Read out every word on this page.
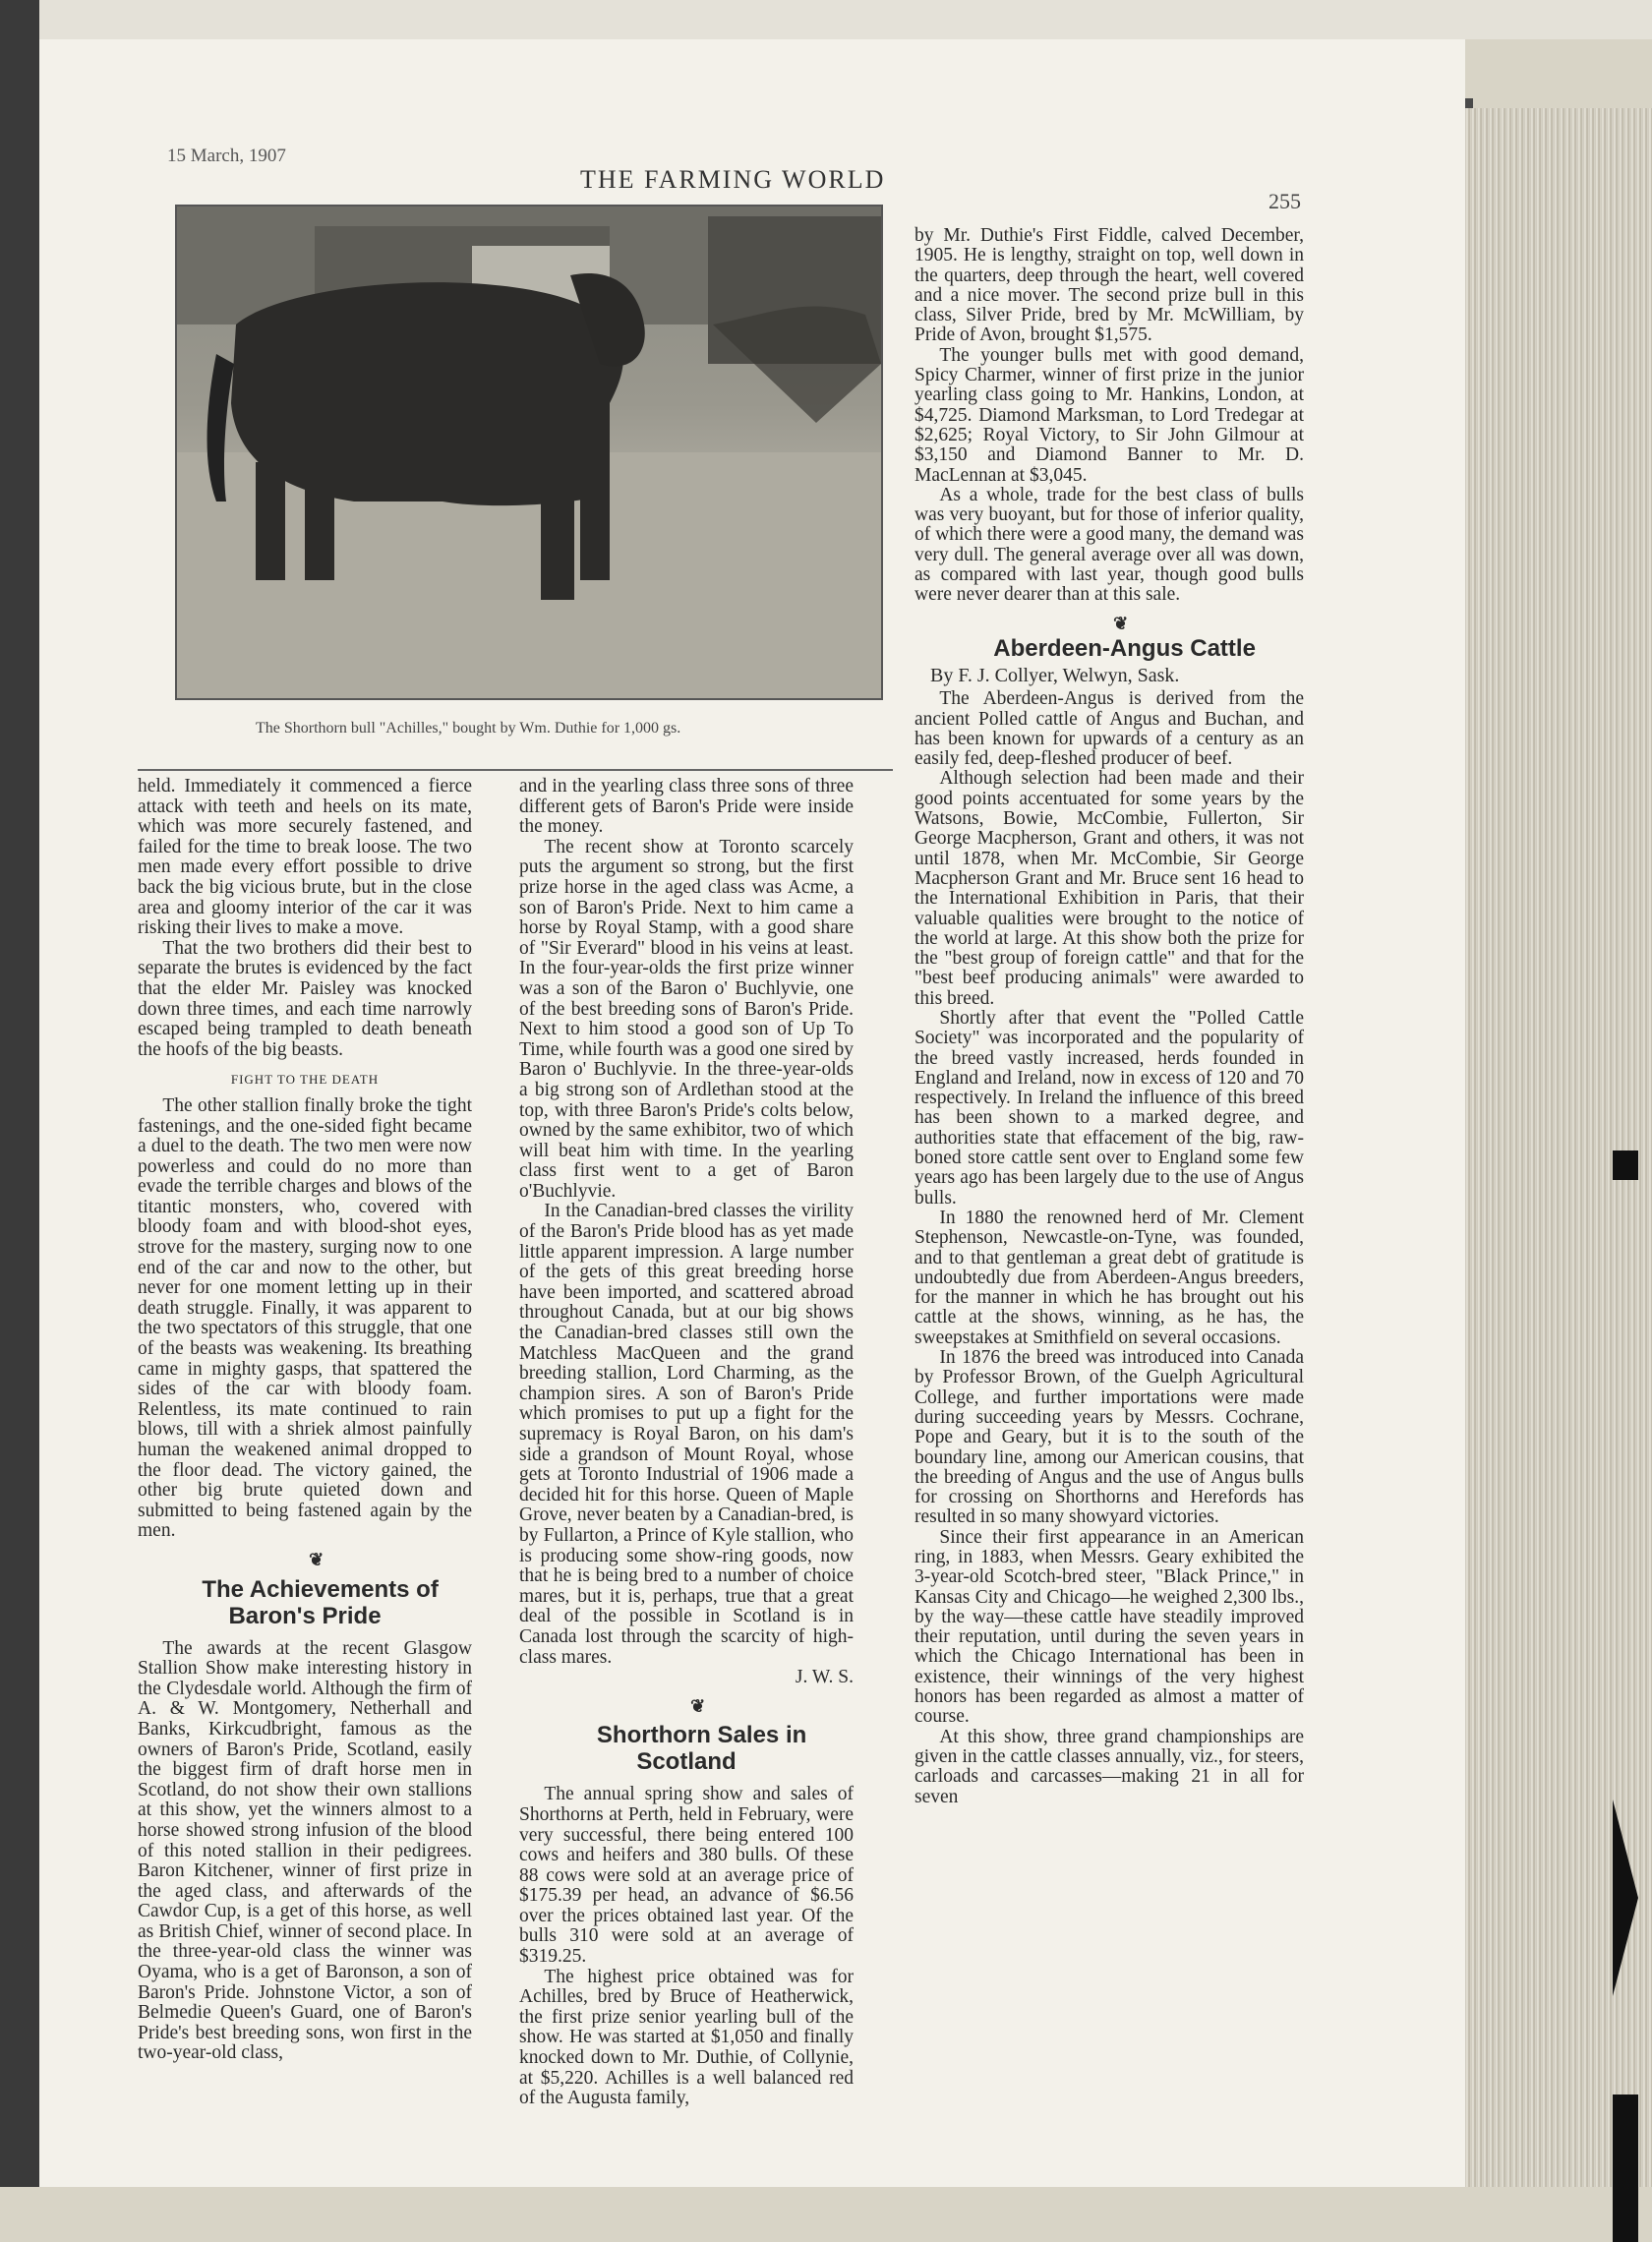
15 March, 1907
THE FARMING WORLD
255
The Shorthorn bull "Achilles," bought by Wm. Duthie for 1,000 gs.

held. Immediately it commenced a fierce attack with teeth and heels on its mate, which was more securely fastened, and failed for the time to break loose. The two men made every effort possible to drive back the big vicious brute, but in the close area and gloomy interior of the car it was risking their lives to make a move.

That the two brothers did their best to separate the brutes is evidenced by the fact that the elder Mr. Paisley was knocked down three times, and each time narrowly escaped being trampled to death beneath the hoofs of the big beasts.

FIGHT TO THE DEATH

The other stallion finally broke the tight fastenings, and the one-sided fight became a duel to the death. The two men were now powerless and could do no more than evade the terrible charges and blows of the titantic monsters, who, covered with bloody foam and with blood-shot eyes, strove for the mastery, surging now to one end of the car and now to the other, but never for one moment letting up in their death struggle. Finally, it was apparent to the two spectators of this struggle, that one of the beasts was weakening. Its breathing came in mighty gasps, that spattered the sides of the car with bloody foam. Relentless, its mate continued to rain blows, till with a shriek almost painfully human the weakened animal dropped to the floor dead. The victory gained, the other big brute quieted down and submitted to being fastened again by the men.

❦

The Achievements of Baron's Pride

The awards at the recent Glasgow Stallion Show make interesting history in the Clydesdale world. Although the firm of A. & W. Montgomery, Netherhall and Banks, Kirkcudbright, famous as the owners of Baron's Pride, Scotland, easily the biggest firm of draft horse men in Scotland, do not show their own stallions at this show, yet the winners almost to a horse showed strong infusion of the blood of this noted stallion in their pedigrees. Baron Kitchener, winner of first prize in the aged class, and afterwards of the Cawdor Cup, is a get of this horse, as well as British Chief, winner of second place. In the three-year-old class the winner was Oyama, who is a get of Baronson, a son of Baron's Pride. Johnstone Victor, a son of Belmedie Queen's Guard, one of Baron's Pride's best breeding sons, won first in the two-year-old class,

and in the yearling class three sons of three different gets of Baron's Pride were inside the money.

The recent show at Toronto scarcely puts the argument so strong, but the first prize horse in the aged class was Acme, a son of Baron's Pride. Next to him came a horse by Royal Stamp, with a good share of "Sir Everard" blood in his veins at least. In the four-year-olds the first prize winner was a son of the Baron o' Buchlyvie, one of the best breeding sons of Baron's Pride. Next to him stood a good son of Up To Time, while fourth was a good one sired by Baron o' Buchlyvie. In the three-year-olds a big strong son of Ardlethan stood at the top, with three Baron's Pride's colts below, owned by the same exhibitor, two of which will beat him with time. In the yearling class first went to a get of Baron o'Buchlyvie.

In the Canadian-bred classes the virility of the Baron's Pride blood has as yet made little apparent impression. A large number of the gets of this great breeding horse have been imported, and scattered abroad throughout Canada, but at our big shows the Canadian-bred classes still own the Matchless MacQueen and the grand breeding stallion, Lord Charming, as the champion sires. A son of Baron's Pride which promises to put up a fight for the supremacy is Royal Baron, on his dam's side a grandson of Mount Royal, whose gets at Toronto Industrial of 1906 made a decided hit for this horse. Queen of Maple Grove, never beaten by a Canadian-bred, is by Fullarton, a Prince of Kyle stallion, who is producing some show-ring goods, now that he is being bred to a number of choice mares, but it is, perhaps, true that a great deal of the possible in Scotland is in Canada lost through the scarcity of high-class mares.

J. W. S.

❦

Shorthorn Sales in Scotland

The annual spring show and sales of Shorthorns at Perth, held in February, were very successful, there being entered 100 cows and heifers and 380 bulls. Of these 88 cows were sold at an average price of $175.39 per head, an advance of $6.56 over the prices obtained last year. Of the bulls 310 were sold at an average of $319.25.

The highest price obtained was for Achilles, bred by Bruce of Heatherwick, the first prize senior yearling bull of the show. He was started at $1,050 and finally knocked down to Mr. Duthie, of Collynie, at $5,220. Achilles is a well balanced red of the Augusta family,

by Mr. Duthie's First Fiddle, calved December, 1905. He is lengthy, straight on top, well down in the quarters, deep through the heart, well covered and a nice mover. The second prize bull in this class, Silver Pride, bred by Mr. McWilliam, by Pride of Avon, brought $1,575.

The younger bulls met with good demand, Spicy Charmer, winner of first prize in the junior yearling class going to Mr. Hankins, London, at $4,725. Diamond Marksman, to Lord Tredegar at $2,625; Royal Victory, to Sir John Gilmour at $3,150 and Diamond Banner to Mr. D. MacLennan at $3,045.

As a whole, trade for the best class of bulls was very buoyant, but for those of inferior quality, of which there were a good many, the demand was very dull. The general average over all was down, as compared with last year, though good bulls were never dearer than at this sale.

❦

Aberdeen-Angus Cattle

By F. J. Collyer, Welwyn, Sask.

The Aberdeen-Angus is derived from the ancient Polled cattle of Angus and Buchan, and has been known for upwards of a century as an easily fed, deep-fleshed producer of beef.

Although selection had been made and their good points accentuated for some years by the Watsons, Bowie, McCombie, Fullerton, Sir George Macpherson, Grant and others, it was not until 1878, when Mr. McCombie, Sir George Macpherson Grant and Mr. Bruce sent 16 head to the International Exhibition in Paris, that their valuable qualities were brought to the notice of the world at large. At this show both the prize for the "best group of foreign cattle" and that for the "best beef producing animals" were awarded to this breed.

Shortly after that event the "Polled Cattle Society" was incorporated and the popularity of the breed vastly increased, herds founded in England and Ireland, now in excess of 120 and 70 respectively. In Ireland the influence of this breed has been shown to a marked degree, and authorities state that effacement of the big, raw-boned store cattle sent over to England some few years ago has been largely due to the use of Angus bulls.

In 1880 the renowned herd of Mr. Clement Stephenson, Newcastle-on-Tyne, was founded, and to that gentleman a great debt of gratitude is undoubtedly due from Aberdeen-Angus breeders, for the manner in which he has brought out his cattle at the shows, winning, as he has, the sweepstakes at Smithfield on several occasions.

In 1876 the breed was introduced into Canada by Professor Brown, of the Guelph Agricultural College, and further importations were made during succeeding years by Messrs. Cochrane, Pope and Geary, but it is to the south of the boundary line, among our American cousins, that the breeding of Angus and the use of Angus bulls for crossing on Shorthorns and Herefords has resulted in so many showyard victories.

Since their first appearance in an American ring, in 1883, when Messrs. Geary exhibited the 3-year-old Scotch-bred steer, "Black Prince," in Kansas City and Chicago—he weighed 2,300 lbs., by the way—these cattle have steadily improved their reputation, until during the seven years in which the Chicago International has been in existence, their winnings of the very highest honors has been regarded as almost a matter of course.

At this show, three grand championships are given in the cattle classes annually, viz., for steers, carloads and carcasses—making 21 in all for seven
